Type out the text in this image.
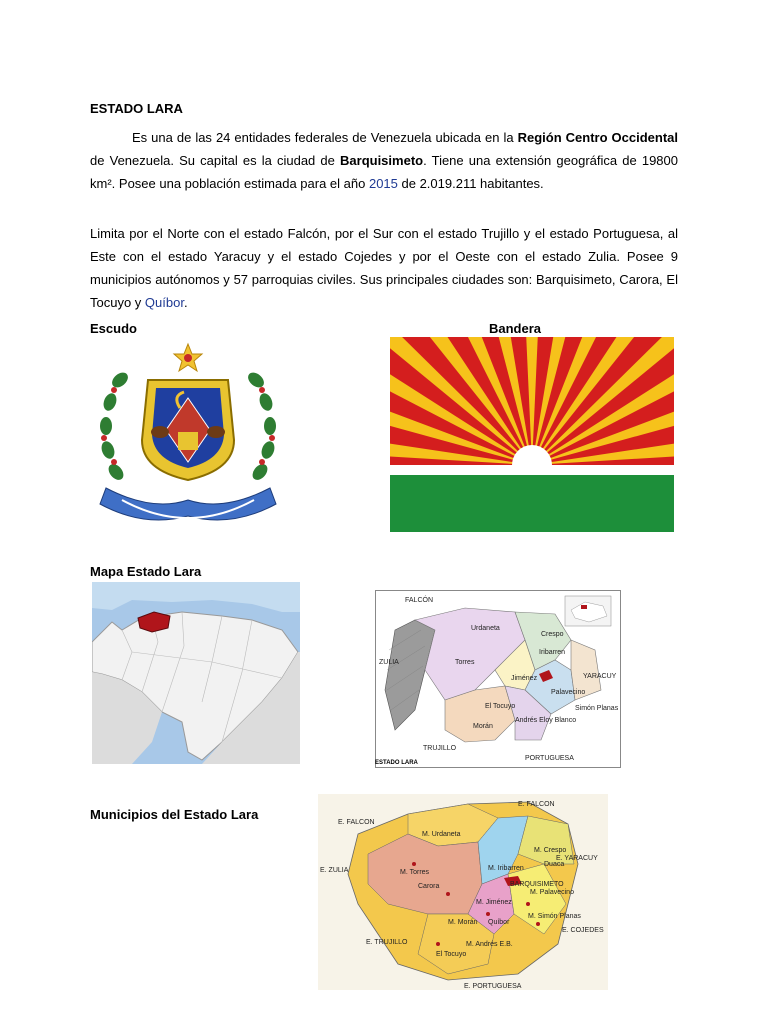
ESTADO LARA
Es una de las 24 entidades federales de Venezuela ubicada en la Región Centro Occidental de Venezuela. Su capital es la ciudad de Barquisimeto. Tiene una extensión geográfica de 19800 km². Posee una población estimada para el año 2015 de 2.019.211 habitantes.
Limita por el Norte con el estado Falcón, por el Sur con el estado Trujillo y el estado Portuguesa, al Este con el estado Yaracuy y el estado Cojedes y por el Oeste con el estado Zulia. Posee 9 municipios autónomos y 57 parroquias civiles. Sus principales ciudades son: Barquisimeto, Carora, El Tocuyo y Quíbor.
Escudo	Bandera
Mapa Estado Lara
Municipios del Estado Lara
FALCÓN
ZULIA
YARACUY
TRUJILLO
PORTUGUESA
Urdaneta
Torres
Crespo
Iribarren
Palavecino
Jiménez
El Tocuyo
Morán
Simón Planas
Andrés Eloy Blanco
ESTADO LARA
E. FALCON
E. FALCON
E. ZULIA
E. YARACUY
E. TRUJILLO
E. COJEDES
E. PORTUGUESA
BARQUISIMETO
M. Urdaneta
M. Torres
M. Crespo
M. Iribarren
M. Jiménez
M. Morán
M. Andrés E.B.
M. Simón Planas
M. Palavecino
Carora
Quíbor
El Tocuyo
Duaca
